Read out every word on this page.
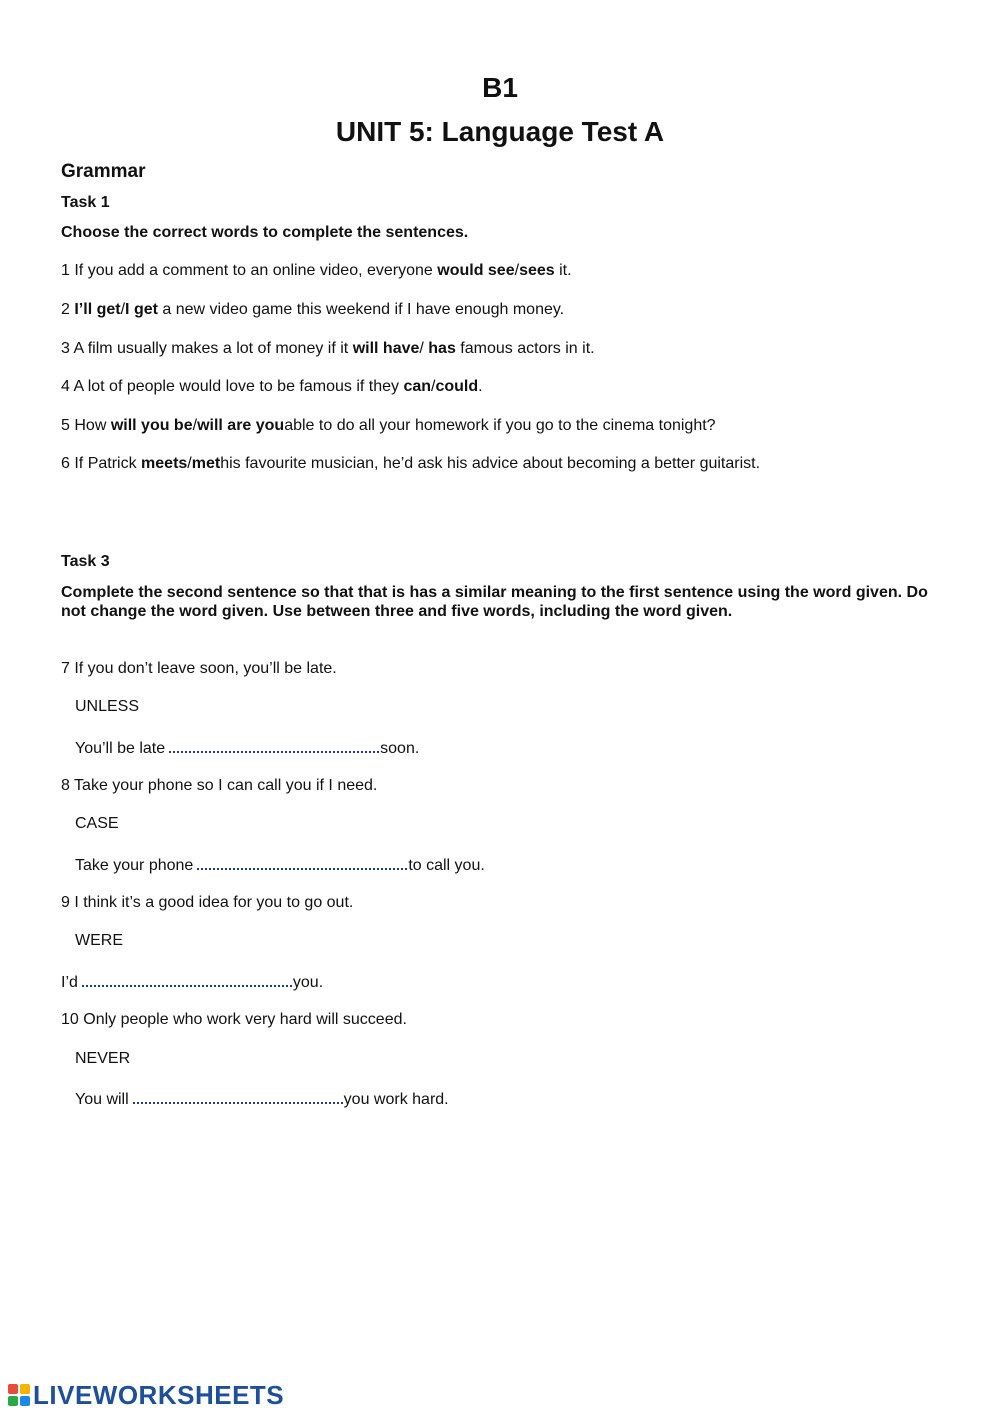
B1
UNIT 5: Language Test A
Grammar
Task 1
Choose the correct words to complete the sentences.
1 If you add a comment to an online video, everyone would see/sees it.
2 I’ll get/I get a new video game this weekend if I have enough money.
3 A film usually makes a lot of money if it will have/ has famous actors in it.
4 A lot of people would love to be famous if they can/could.
5 How will you be/will are youable to do all your homework if you go to the cinema tonight?
6 If Patrick meets/methis favourite musician, he’d ask his advice about becoming a better guitarist.
Task 3
Complete the second sentence so that that is has a similar meaning to the first sentence using the word given. Do not change the word given. Use between three and five words, including the word given.
7 If you don’t leave soon, you’ll be late.
UNLESS
You’ll be late	soon.
8 Take your phone so I can call you if I need.
CASE
Take your phone	to call you.
9 I think it’s a good idea for you to go out.
WERE
I’d	you.
10 Only people who work very hard will succeed.
NEVER
You will	you work hard.
LIVEWORKSHEETS
